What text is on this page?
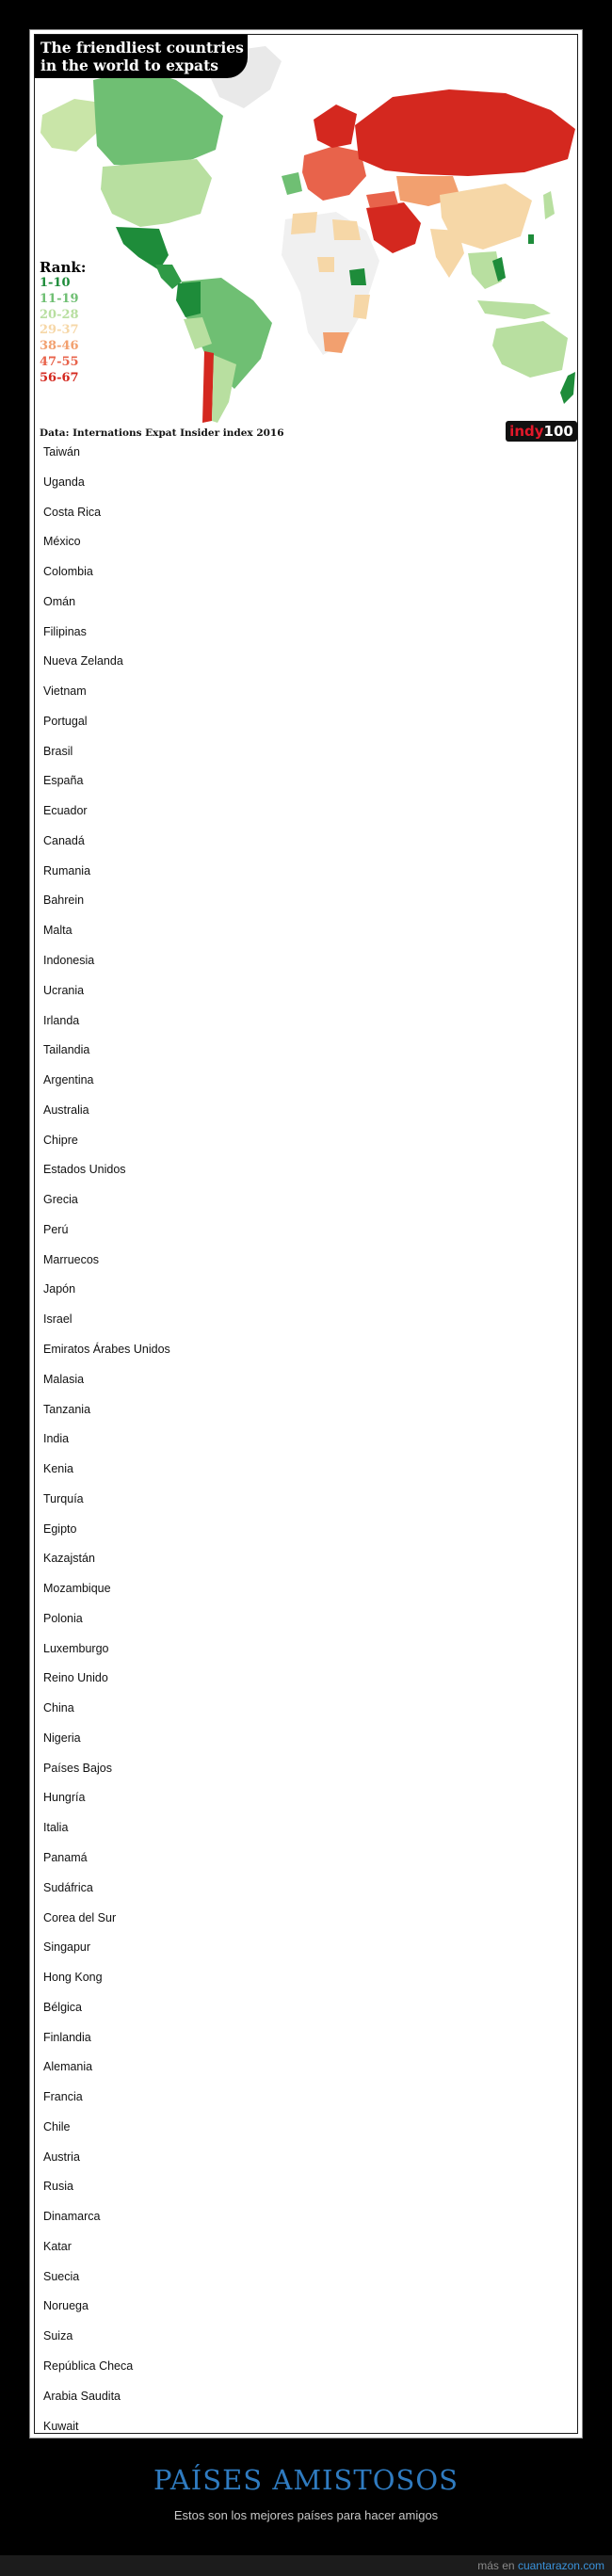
The friendliest countries
in the world to expats
Rank:
1-10
11-19
20-28
29-37
38-46
47-55
56-67
Data: Internations Expat Insider index 2016	indy100
Taiwán
Uganda
Costa Rica
México
Colombia
Omán
Filipinas
Nueva Zelanda
Vietnam
Portugal
Brasil
España
Ecuador
Canadá
Rumania
Bahrein
Malta
Indonesia
Ucrania
Irlanda
Tailandia
Argentina
Australia
Chipre
Estados Unidos
Grecia
Perú
Marruecos
Japón
Israel
Emiratos Árabes Unidos
Malasia
Tanzania
India
Kenia
Turquía
Egipto
Kazajstán
Mozambique
Polonia
Luxemburgo
Reino Unido
China
Nigeria
Países Bajos
Hungría
Italia
Panamá
Sudáfrica
Corea del Sur
Singapur
Hong Kong
Bélgica
Finlandia
Alemania
Francia
Chile
Austria
Rusia
Dinamarca
Katar
Suecia
Noruega
Suiza
República Checa
Arabia Saudita
Kuwait
PAÍSES AMISTOSOS
Estos son los mejores países para hacer amigos
más en cuantarazon.com
